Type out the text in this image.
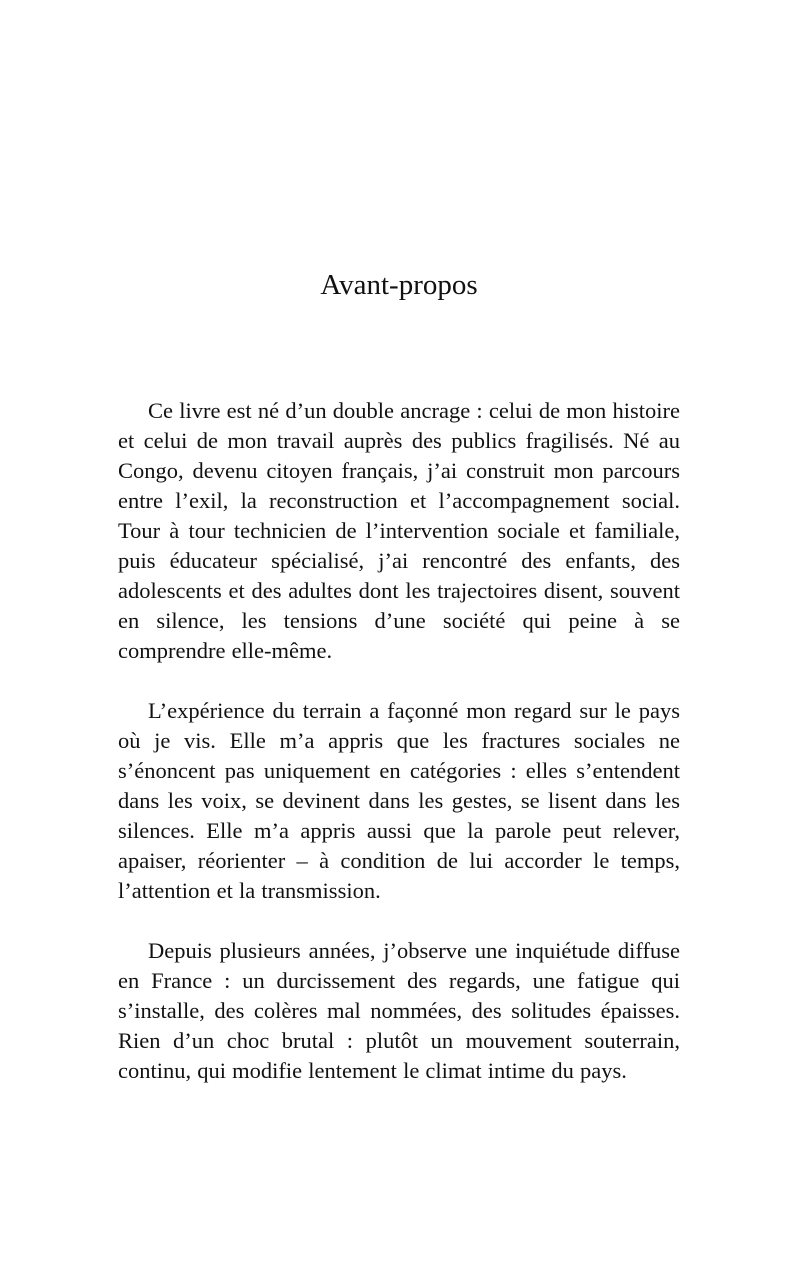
Avant-propos

Ce livre est né d’un double ancrage : celui de mon histoire et celui de mon travail auprès des publics fragilisés. Né au Congo, devenu citoyen français, j’ai construit mon parcours entre l’exil, la reconstruction et l’accompagnement social. Tour à tour technicien de l’intervention sociale et familiale, puis éducateur spécialisé, j’ai rencontré des enfants, des adolescents et des adultes dont les trajectoires disent, souvent en silence, les tensions d’une société qui peine à se comprendre elle-même.

L’expérience du terrain a façonné mon regard sur le pays où je vis. Elle m’a appris que les fractures sociales ne s’énoncent pas uniquement en catégories : elles s’entendent dans les voix, se devinent dans les gestes, se lisent dans les silences. Elle m’a appris aussi que la parole peut relever, apaiser, réorienter – à condition de lui accorder le temps, l’attention et la transmission.

Depuis plusieurs années, j’observe une inquiétude diffuse en France : un durcissement des regards, une fatigue qui s’installe, des colères mal nommées, des solitudes épaisses. Rien d’un choc brutal : plutôt un mouvement souterrain, continu, qui modifie lentement le climat intime du pays.
